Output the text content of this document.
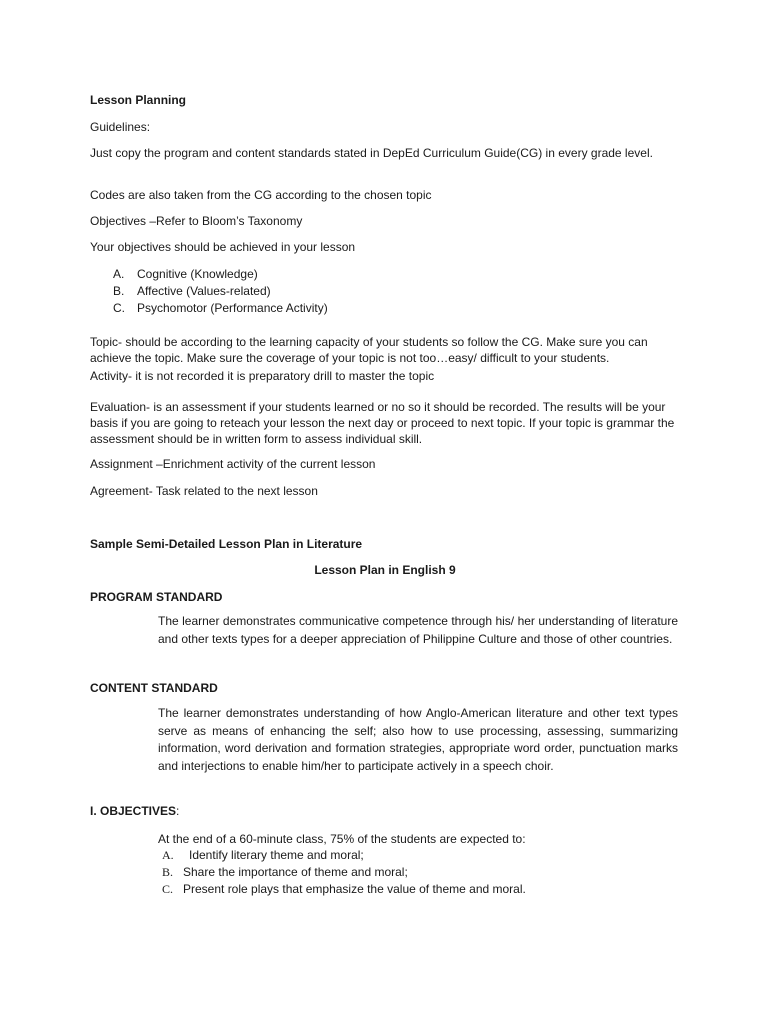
Lesson Planning

Guidelines:

Just copy the program and content standards stated in DepEd Curriculum Guide(CG) in every grade level.

Codes are also taken from the CG according to the chosen topic

Objectives –Refer to Bloom’s Taxonomy

Your objectives should be achieved in your lesson

A. Cognitive (Knowledge)
B. Affective (Values-related)
C. Psychomotor (Performance Activity)

Topic- should be according to the learning capacity of your students so follow the CG. Make sure you can achieve the topic. Make sure the coverage of your topic is not too…easy/ difficult to your students.

Activity- it is not recorded it is preparatory drill to master the topic

Evaluation- is an assessment if your students learned or no so it should be recorded. The results will be your basis if you are going to reteach your lesson the next day or proceed to next topic. If your topic is grammar the assessment should be in written form to assess individual skill.

Assignment –Enrichment activity of the current lesson

Agreement- Task related to the next lesson

Sample Semi-Detailed Lesson Plan in Literature

Lesson Plan in English 9

PROGRAM STANDARD

The learner demonstrates communicative competence through his/ her understanding of literature and other texts types for a deeper appreciation of Philippine Culture and those of other countries.

CONTENT STANDARD

The learner demonstrates understanding of how Anglo-American literature and other text types serve as means of enhancing the self; also how to use processing, assessing, summarizing information, word derivation and formation strategies, appropriate word order, punctuation marks and interjections to enable him/her to participate actively in a speech choir.

I. OBJECTIVES:

At the end of a 60-minute class, 75% of the students are expected to:

A. Identify literary theme and moral;
B. Share the importance of theme and moral;
C. Present role plays that emphasize the value of theme and moral.
